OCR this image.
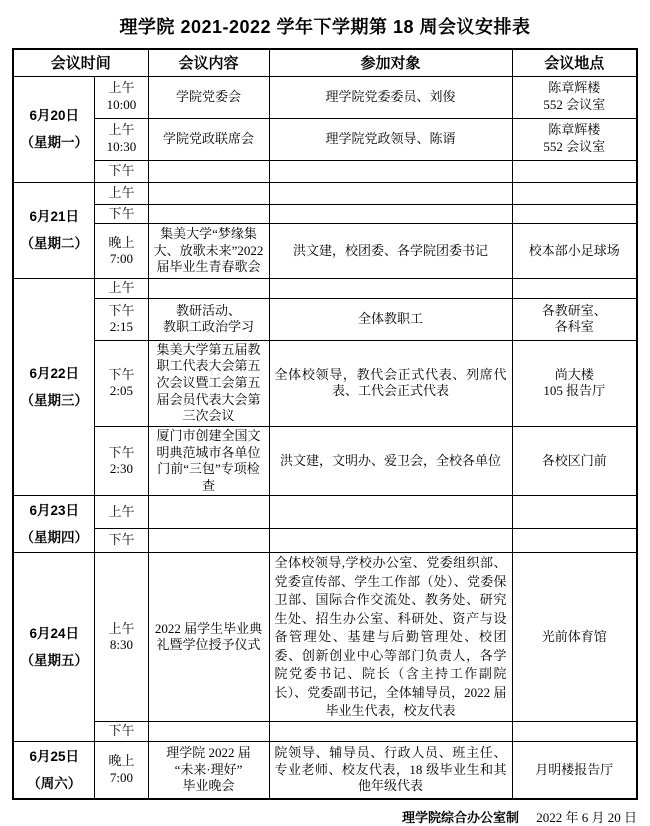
理学院 2021-2022 学年下学期第 18 周会议安排表
会议时间		会议内容	参加对象	会议地点
6月20日
（星期一）	上午
10:00	学院党委会	理学院党委委员、刘俊	陈章辉楼
552 会议室
	上午
10:30	学院党政联席会	理学院党政领导、陈谞	陈章辉楼
552 会议室
	下午			
6月21日
（星期二）	上午			
	下午			
	晚上
7:00	集美大学“梦缘集大、放歌未来”2022届毕业生青春歌会	洪文建，校团委、各学院团委书记	校本部小足球场
6月22日
（星期三）	上午			
	下午
2:15	教研活动、
教职工政治学习	全体教职工	各教研室、
各科室
	下午
2:05	集美大学第五届教职工代表大会第五次会议暨工会第五届会员代表大会第三次会议	全体校领导，教代会正式代表、列席代表、工代会正式代表	尚大楼
105 报告厅
	下午
2:30	厦门市创建全国文明典范城市各单位门前“三包”专项检查	洪文建，文明办、爱卫会，全校各单位	各校区门前
6月23日
（星期四）	上午			
	下午			
6月24日
（星期五）	上午
8:30	2022 届学生毕业典礼暨学位授予仪式	全体校领导,学校办公室、党委组织部、党委宣传部、学生工作部（处）、党委保卫部、国际合作交流处、教务处、研究生处、招生办公室、科研处、资产与设备管理处、基建与后勤管理处、校团委、创新创业中心等部门负责人，各学院党委书记、院长（含主持工作副院长）、党委副书记，全体辅导员，2022 届毕业生代表，校友代表	光前体育馆
	下午			
6月25日
（周六）	晚上
7:00	理学院 2022 届
“未来·理好”
毕业晚会	院领导、辅导员、行政人员、班主任、专业老师、校友代表，18 级毕业生和其他年级代表	月明楼报告厅
理学院综合办公室制 2022 年 6 月 20 日
